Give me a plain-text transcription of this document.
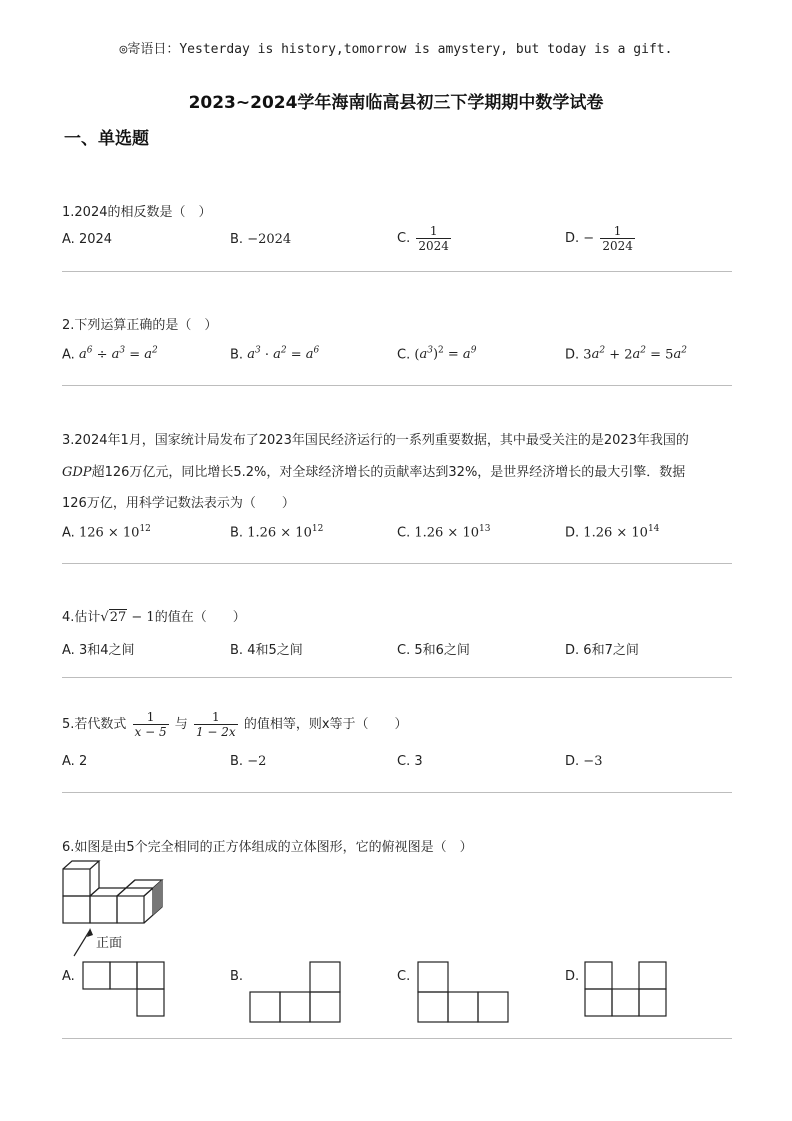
◎寄语日：Yesterday is history,tomorrow is amystery, but today is a gift.
2023~2024学年海南临高县初三下学期期中数学试卷
一、单选题
1.2024的相反数是（　）
A. 2024	B. −2024	C. $\frac{1}{2024}$	D. − $\frac{1}{2024}$
2.下列运算正确的是（　）
A. $a^6 \div a^3 = a^2$	B. $a^3 \cdot a^2 = a^6$	C. $(a^3)^2 = a^9$	D. $3a^2 + 2a^2 = 5a^2$
3.2024年1月，国家统计局发布了2023年国民经济运行的一系列重要数据，其中最受关注的是2023年我国的
GDP超126万亿元，同比增长5.2%，对全球经济增长的贡献率达到32%，是世界经济增长的最大引擎．数据
126万亿，用科学记数法表示为（　　）
A. $126 \times 10^{12}$	B. $1.26 \times 10^{12}$	C. $1.26 \times 10^{13}$	D. $1.26 \times 10^{14}$
4.估计√27 − 1的值在（　　）
A. 3和4之间	B. 4和5之间	C. 5和6之间	D. 6和7之间
5.若代数式 $\frac{1}{x - 5}$ 与 $\frac{1}{1 - 2x}$ 的值相等，则x等于（　　）
A. 2	B. −2	C. 3	D. −3
6.如图是由5个完全相同的正方体组成的立体图形，它的俯视图是（　）
正面
A.	B.	C.	D.
